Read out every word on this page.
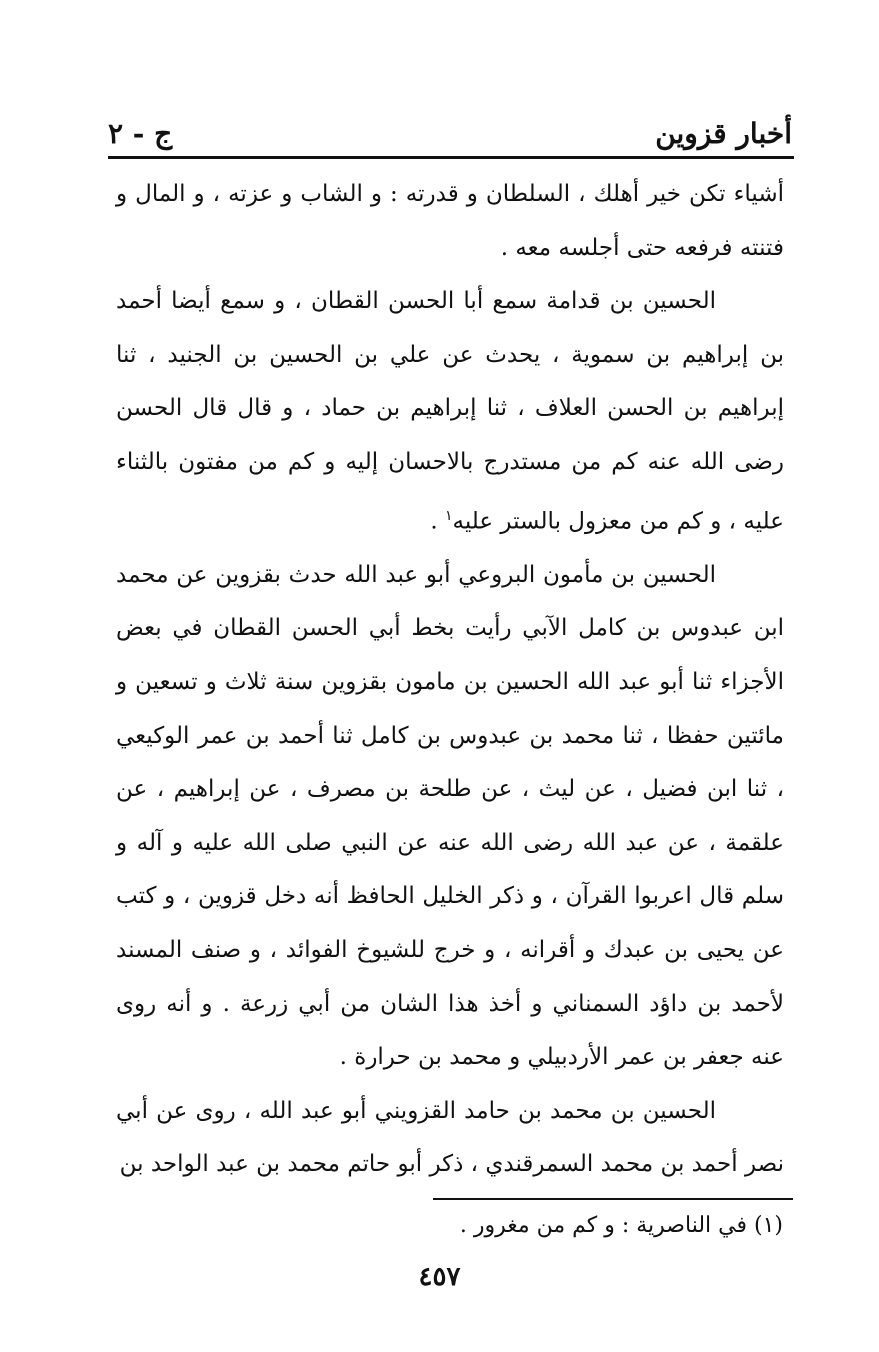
أخبار قزوين
ج - ٢

أشياء تكن خير أهلك ، السلطان و قدرته : و الشاب و عزته ، و المال و فتنته فرفعه حتى أجلسه معه .

الحسين بن قدامة سمع أبا الحسن القطان ، و سمع أيضا أحمد بن إبراهيم بن سموية ، يحدث عن علي بن الحسين بن الجنيد ، ثنا إبراهيم بن الحسن العلاف ، ثنا إبراهيم بن حماد ، و قال قال الحسن رضى الله عنه كم من مستدرج بالاحسان إليه و كم من مفتون بالثناء عليه ، و كم من معزول بالستر عليه$^١$ .

الحسين بن مأمون البروعي أبو عبد الله حدث بقزوين عن محمد ابن عبدوس بن كامل الآبي رأيت بخط أبي الحسن القطان في بعض الأجزاء ثنا أبو عبد الله الحسين بن مامون بقزوين سنة ثلاث و تسعين و مائتين حفظا ، ثنا محمد بن عبدوس بن كامل ثنا أحمد بن عمر الوكيعي ، ثنا ابن فضيل ، عن ليث ، عن طلحة بن مصرف ، عن إبراهيم ، عن علقمة ، عن عبد الله رضى الله عنه عن النبي صلى الله عليه و آله و سلم قال اعربوا القرآن ، و ذكر الخليل الحافظ أنه دخل قزوين ، و كتب عن يحيى بن عبدك و أقرانه ، و خرج للشيوخ الفوائد ، و صنف المسند لأحمد بن داؤد السمناني و أخذ هذا الشان من أبي زرعة . و أنه روى عنه جعفر بن عمر الأردبيلي و محمد بن حرارة .

الحسين بن محمد بن حامد القزويني أبو عبد الله ، روى عن أبي نصر أحمد بن محمد السمرقندي ، ذكر أبو حاتم محمد بن عبد الواحد بن

(١) في الناصرية : و كم من مغرور .
٤٥٧
